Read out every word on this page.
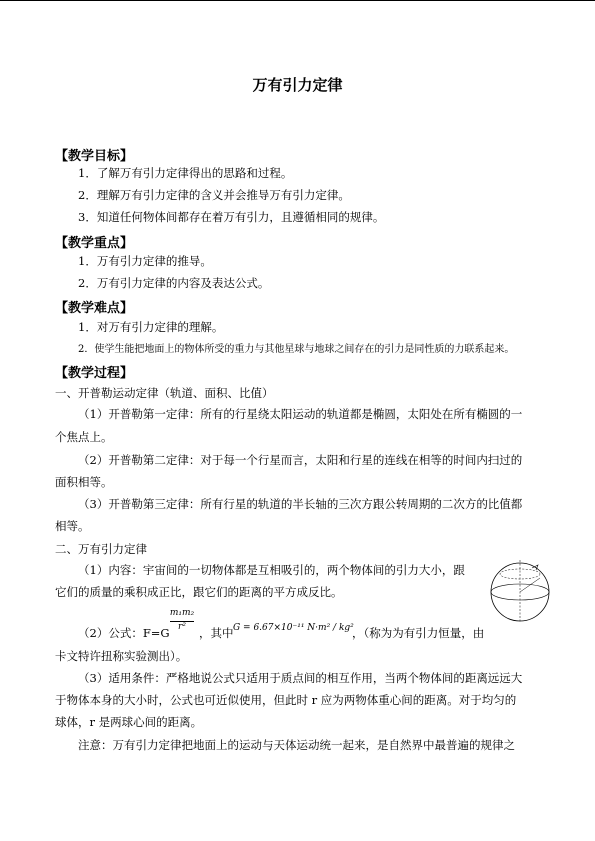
万有引力定律
【教学目标】
1．了解万有引力定律得出的思路和过程。
2．理解万有引力定律的含义并会推导万有引力定律。
3．知道任何物体间都存在着万有引力，且遵循相同的规律。
【教学重点】
1．万有引力定律的推导。
2．万有引力定律的内容及表达公式。
【教学难点】
1．对万有引力定律的理解。
2．使学生能把地面上的物体所受的重力与其他星球与地球之间存在的引力是同性质的力联系起来。
【教学过程】
一、开普勒运动定律（轨道、面积、比值）
（1）开普勒第一定律：所有的行星绕太阳运动的轨道都是椭圆，太阳处在所有椭圆的一
个焦点上。
（2）开普勒第二定律：对于每一个行星而言，太阳和行星的连线在相等的时间内扫过的
面积相等。
（3）开普勒第三定律：所有行星的轨道的半长轴的三次方跟公转周期的二次方的比值都
相等。
二、万有引力定律
（1）内容：宇宙间的一切物体都是互相吸引的，两个物体间的引力大小，跟
它们的质量的乘积成正比，跟它们的距离的平方成反比。
（2）公式：F=G
m₁m₂
r²	，其中 G = 6.67×10⁻¹¹ N·m² / kg²
，（称为为有引力恒量，由
卡文特许扭称实验测出）。
（3）适用条件：严格地说公式只适用于质点间的相互作用，当两个物体间的距离远远大
于物体本身的大小时，公式也可近似使用，但此时 r 应为两物体重心间的距离。对于均匀的
球体，r 是两球心间的距离。
注意：万有引力定律把地面上的运动与天体运动统一起来，是自然界中最普遍的规律之
